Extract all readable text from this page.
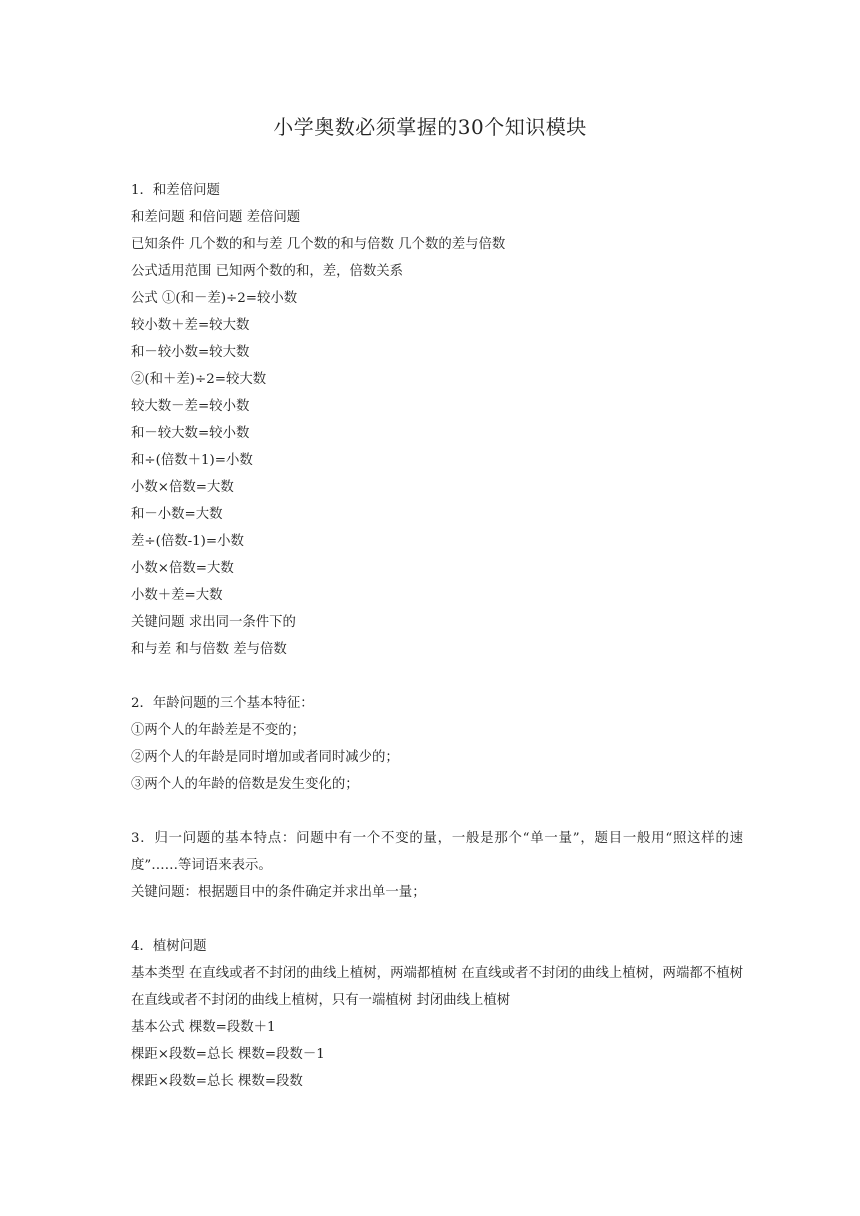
小学奥数必须掌握的30个知识模块
1．和差倍问题
和差问题 和倍问题 差倍问题
已知条件 几个数的和与差 几个数的和与倍数 几个数的差与倍数
公式适用范围 已知两个数的和，差，倍数关系
公式 ①(和－差)÷2=较小数
较小数＋差=较大数
和－较小数=较大数
②(和＋差)÷2=较大数
较大数－差=较小数
和－较大数=较小数
和÷(倍数＋1)=小数
小数×倍数=大数
和－小数=大数
差÷(倍数-1)=小数
小数×倍数=大数
小数＋差=大数
关键问题 求出同一条件下的
和与差 和与倍数 差与倍数
2．年龄问题的三个基本特征：
①两个人的年龄差是不变的；
②两个人的年龄是同时增加或者同时减少的；
③两个人的年龄的倍数是发生变化的；
3．归一问题的基本特点：问题中有一个不变的量，一般是那个“单一量”，题目一般用“照这样的速度”……等词语来表示。
关键问题：根据题目中的条件确定并求出单一量；
4．植树问题
基本类型 在直线或者不封闭的曲线上植树，两端都植树 在直线或者不封闭的曲线上植树，两端都不植树 在直线或者不封闭的曲线上植树，只有一端植树 封闭曲线上植树
基本公式 棵数=段数＋1
棵距×段数=总长 棵数=段数－1
棵距×段数=总长 棵数=段数
